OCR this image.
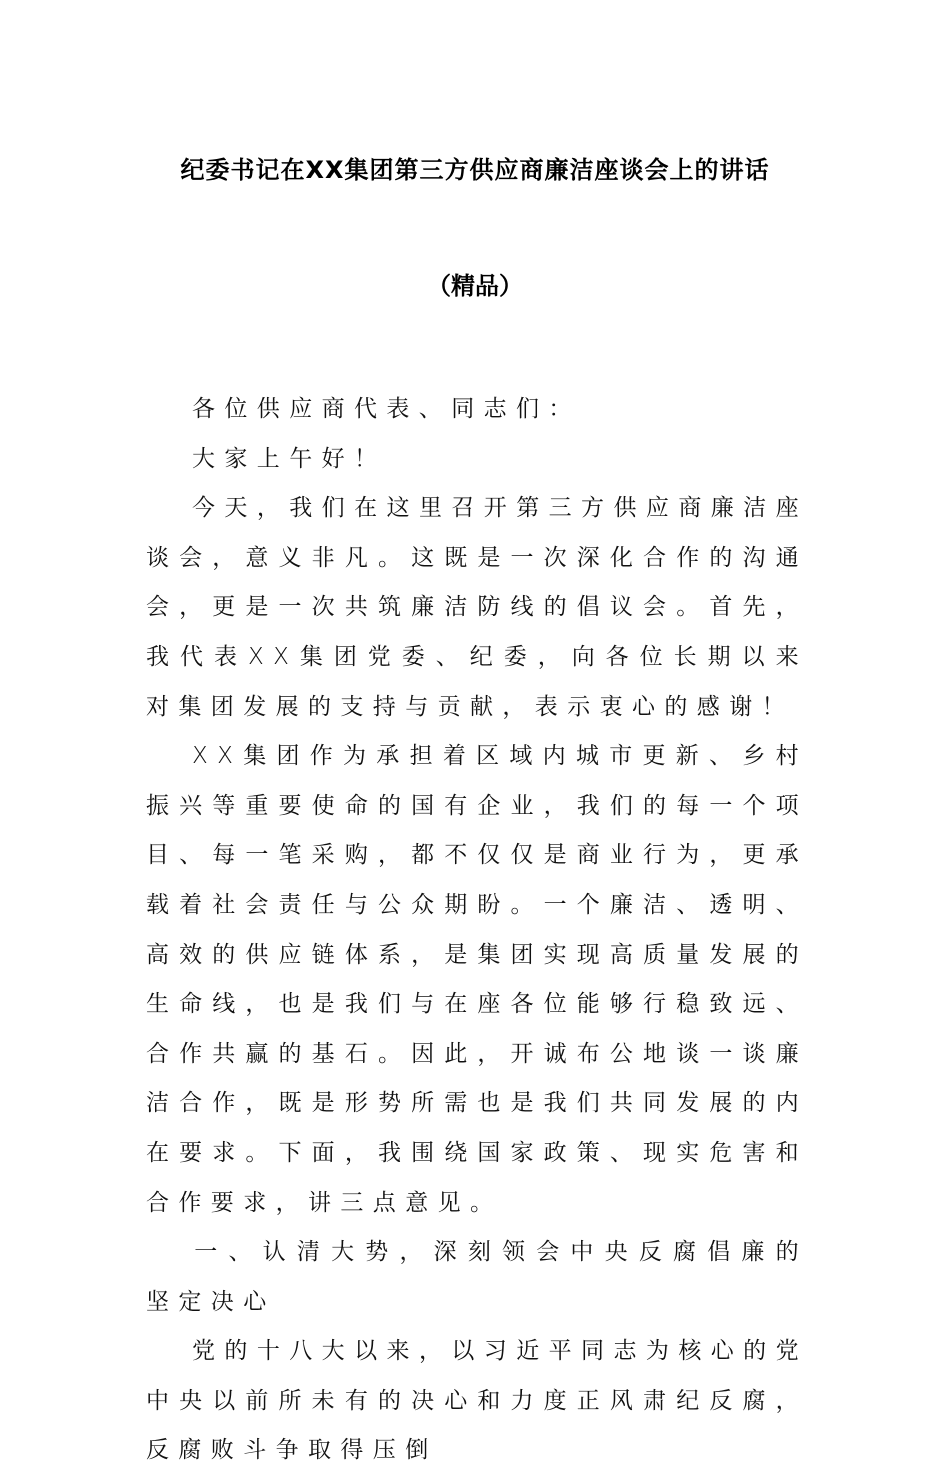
纪委书记在XX集团第三方供应商廉洁座谈会上的讲话
（精品）

各位供应商代表、同志们：

大家上午好！

今天，我们在这里召开第三方供应商廉洁座谈会，意义非凡。这既是一次深化合作的沟通会，更是一次共筑廉洁防线的倡议会。首先，我代表XX集团党委、纪委，向各位长期以来对集团发展的支持与贡献，表示衷心的感谢！

XX集团作为承担着区域内城市更新、乡村振兴等重要使命的国有企业，我们的每一个项目、每一笔采购，都不仅仅是商业行为，更承载着社会责任与公众期盼。一个廉洁、透明、高效的供应链体系，是集团实现高质量发展的生命线，也是我们与在座各位能够行稳致远、合作共赢的基石。因此，开诚布公地谈一谈廉洁合作，既是形势所需也是我们共同发展的内在要求。下面，我围绕国家政策、现实危害和合作要求，讲三点意见。

一、认清大势，深刻领会中央反腐倡廉的坚定决心

党的十八大以来，以习近平同志为核心的党中央以前所未有的决心和力度正风肃纪反腐，反腐败斗争取得压倒
